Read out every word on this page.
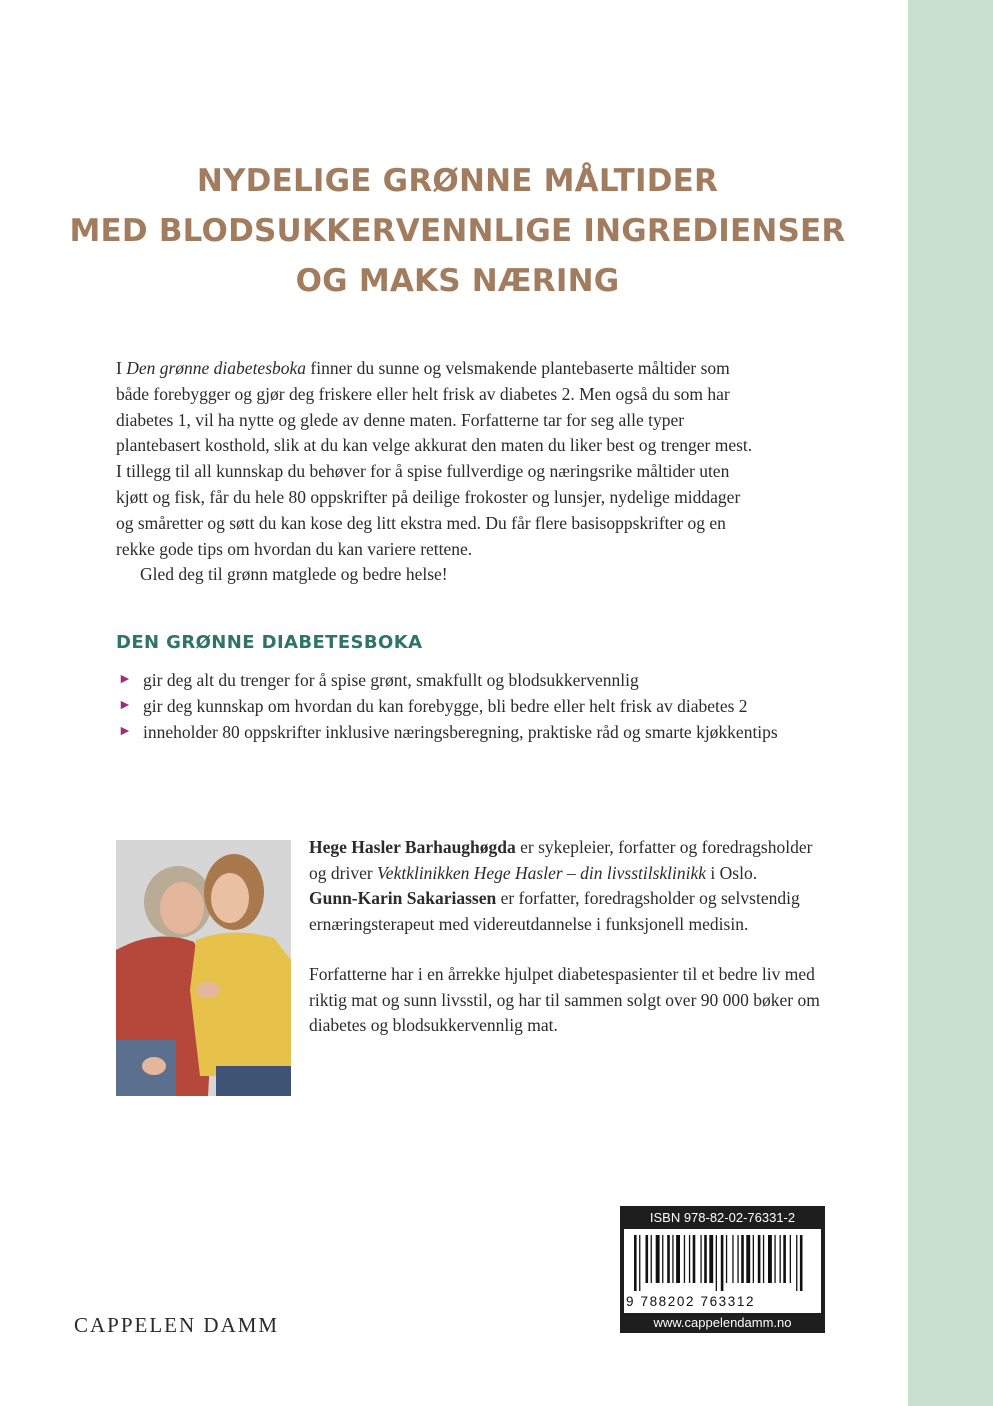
NYDELIGE GRØNNE MÅLTIDER
MED BLODSUKKERVENNLIGE INGREDIENSER
OG MAKS NÆRING

I Den grønne diabetesboka finner du sunne og velsmakende plantebaserte måltider som både forebygger og gjør deg friskere eller helt frisk av diabetes 2. Men også du som har diabetes 1, vil ha nytte og glede av denne maten. Forfatterne tar for seg alle typer plantebasert kosthold, slik at du kan velge akkurat den maten du liker best og trenger mest. I tillegg til all kunnskap du behøver for å spise fullverdige og næringsrike måltider uten kjøtt og fisk, får du hele 80 oppskrifter på deilige frokoster og lunsjer, nydelige middager og småretter og søtt du kan kose deg litt ekstra med. Du får flere basisoppskrifter og en rekke gode tips om hvordan du kan variere rettene.

Gled deg til grønn matglede og bedre helse!

DEN GRØNNE DIABETESBOKA
► gir deg alt du trenger for å spise grønt, smakfullt og blodsukkervennlig
► gir deg kunnskap om hvordan du kan forebygge, bli bedre eller helt frisk av diabetes 2
► inneholder 80 oppskrifter inklusive næringsberegning, praktiske råd og smarte kjøkkentips

Hege Hasler Barhaughøgda er sykepleier, forfatter og foredragsholder og driver Vektklinikken Hege Hasler – din livsstilsklinikk i Oslo.
Gunn-Karin Sakariassen er forfatter, foredragsholder og selvstendig ernæringsterapeut med videreutdannelse i funksjonell medisin.

Forfatterne har i en årrekke hjulpet diabetespasienter til et bedre liv med riktig mat og sunn livsstil, og har til sammen solgt over 90 000 bøker om diabetes og blodsukkervennlig mat.

CAPPELEN DAMM
ISBN 978-82-02-76331-2
9 788202 763312
www.cappelendamm.no
